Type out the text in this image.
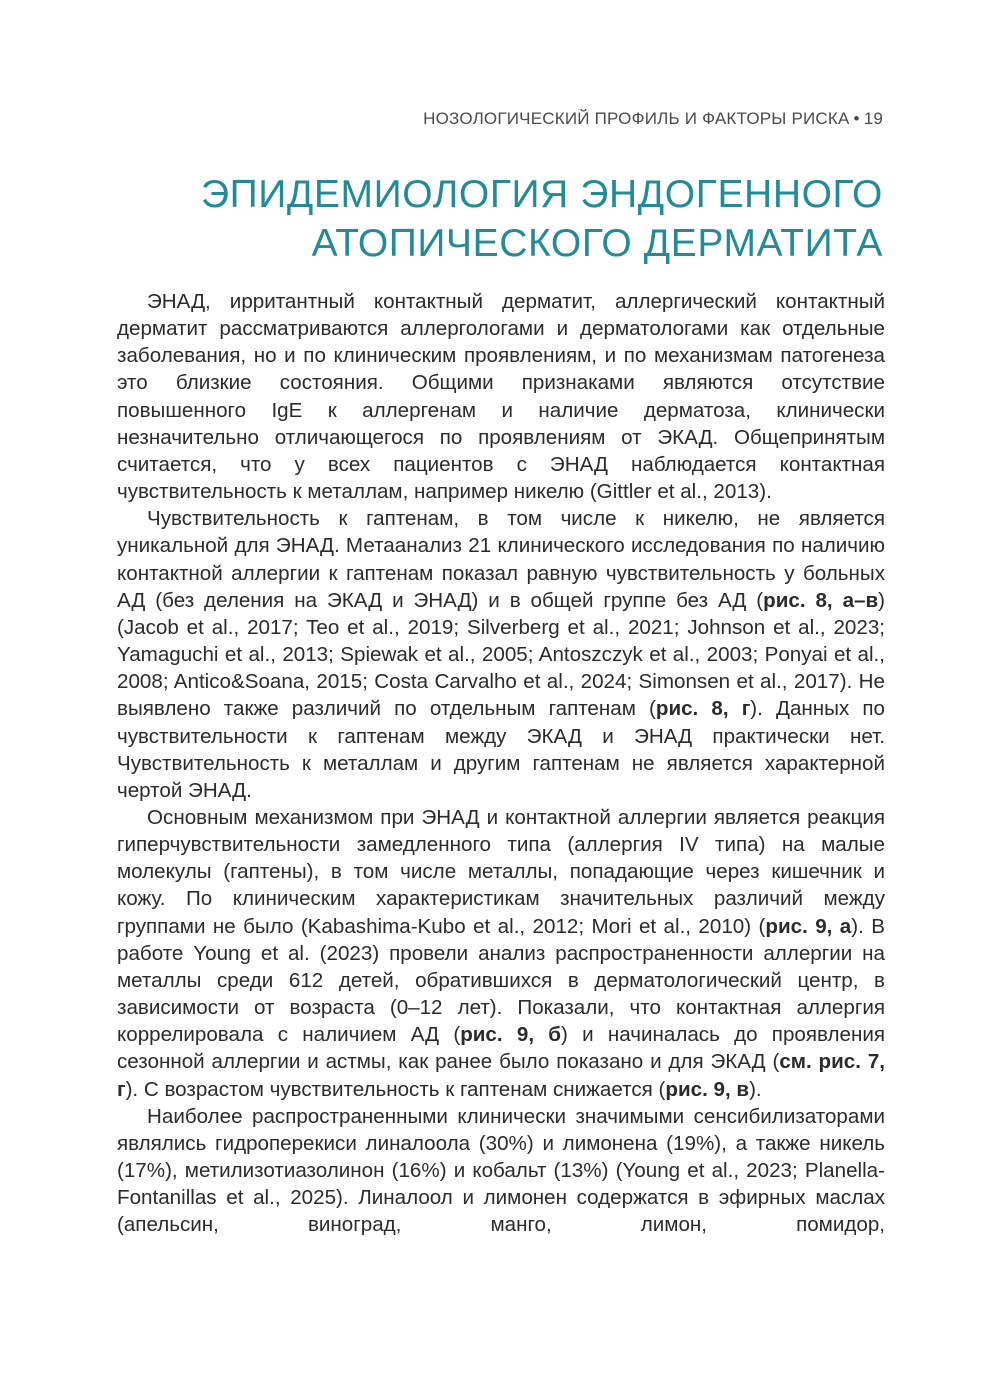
НОЗОЛОГИЧЕСКИЙ ПРОФИЛЬ И ФАКТОРЫ РИСКА • 19
ЭПИДЕМИОЛОГИЯ ЭНДОГЕННОГО
АТОПИЧЕСКОГО ДЕРМАТИТА

ЭНАД, ирритантный контактный дерматит, аллергический контактный дерматит рассматриваются аллергологами и дерматологами как отдельные заболевания, но и по клиническим проявлениям, и по механизмам патогенеза это близкие состояния. Общими признаками являются отсутствие повышенного IgE к аллергенам и наличие дерматоза, клинически незначительно отличающегося по проявлениям от ЭКАД. Общепринятым считается, что у всех пациентов с ЭНАД наблюдается контактная чувствительность к металлам, например никелю (Gittler et al., 2013).

Чувствительность к гаптенам, в том числе к никелю, не является уникальной для ЭНАД. Метаанализ 21 клинического исследования по наличию контактной аллергии к гаптенам показал равную чувствительность у больных АД (без деления на ЭКАД и ЭНАД) и в общей группе без АД (рис. 8, а–в) (Jacob et al., 2017; Teo et al., 2019; Silverberg et al., 2021; Johnson et al., 2023; Yamaguchi et al., 2013; Spiewak et al., 2005; Antoszczyk et al., 2003; Ponyai et al., 2008; Antico&Soana, 2015; Costa Carvalho et al., 2024; Simonsen et al., 2017). Не выявлено также различий по отдельным гаптенам (рис. 8, г). Данных по чувствительности к гаптенам между ЭКАД и ЭНАД практически нет. Чувствительность к металлам и другим гаптенам не является характерной чертой ЭНАД.

Основным механизмом при ЭНАД и контактной аллергии является реакция гиперчувствительности замедленного типа (аллергия IV типа) на малые молекулы (гаптены), в том числе металлы, попадающие через кишечник и кожу. По клиническим характеристикам значительных различий между группами не было (Kabashima-Kubo et al., 2012; Mori et al., 2010) (рис. 9, а). В работе Young et al. (2023) провели анализ распространенности аллергии на металлы среди 612 детей, обратившихся в дерматологический центр, в зависимости от возраста (0–12 лет). Показали, что контактная аллергия коррелировала с наличием АД (рис. 9, б) и начиналась до проявления сезонной аллергии и астмы, как ранее было показано и для ЭКАД (см. рис. 7, г). С возрастом чувствительность к гаптенам снижается (рис. 9, в).

Наиболее распространенными клинически значимыми сенсибилизаторами являлись гидроперекиси линалоола (30%) и лимонена (19%), а также никель (17%), метилизотиазолинон (16%) и кобальт (13%) (Young et al., 2023; Planella-Fontanillas et al., 2025). Линалоол и лимонен содержатся в эфирных маслах (апельсин, виноград, манго, лимон, помидор,
